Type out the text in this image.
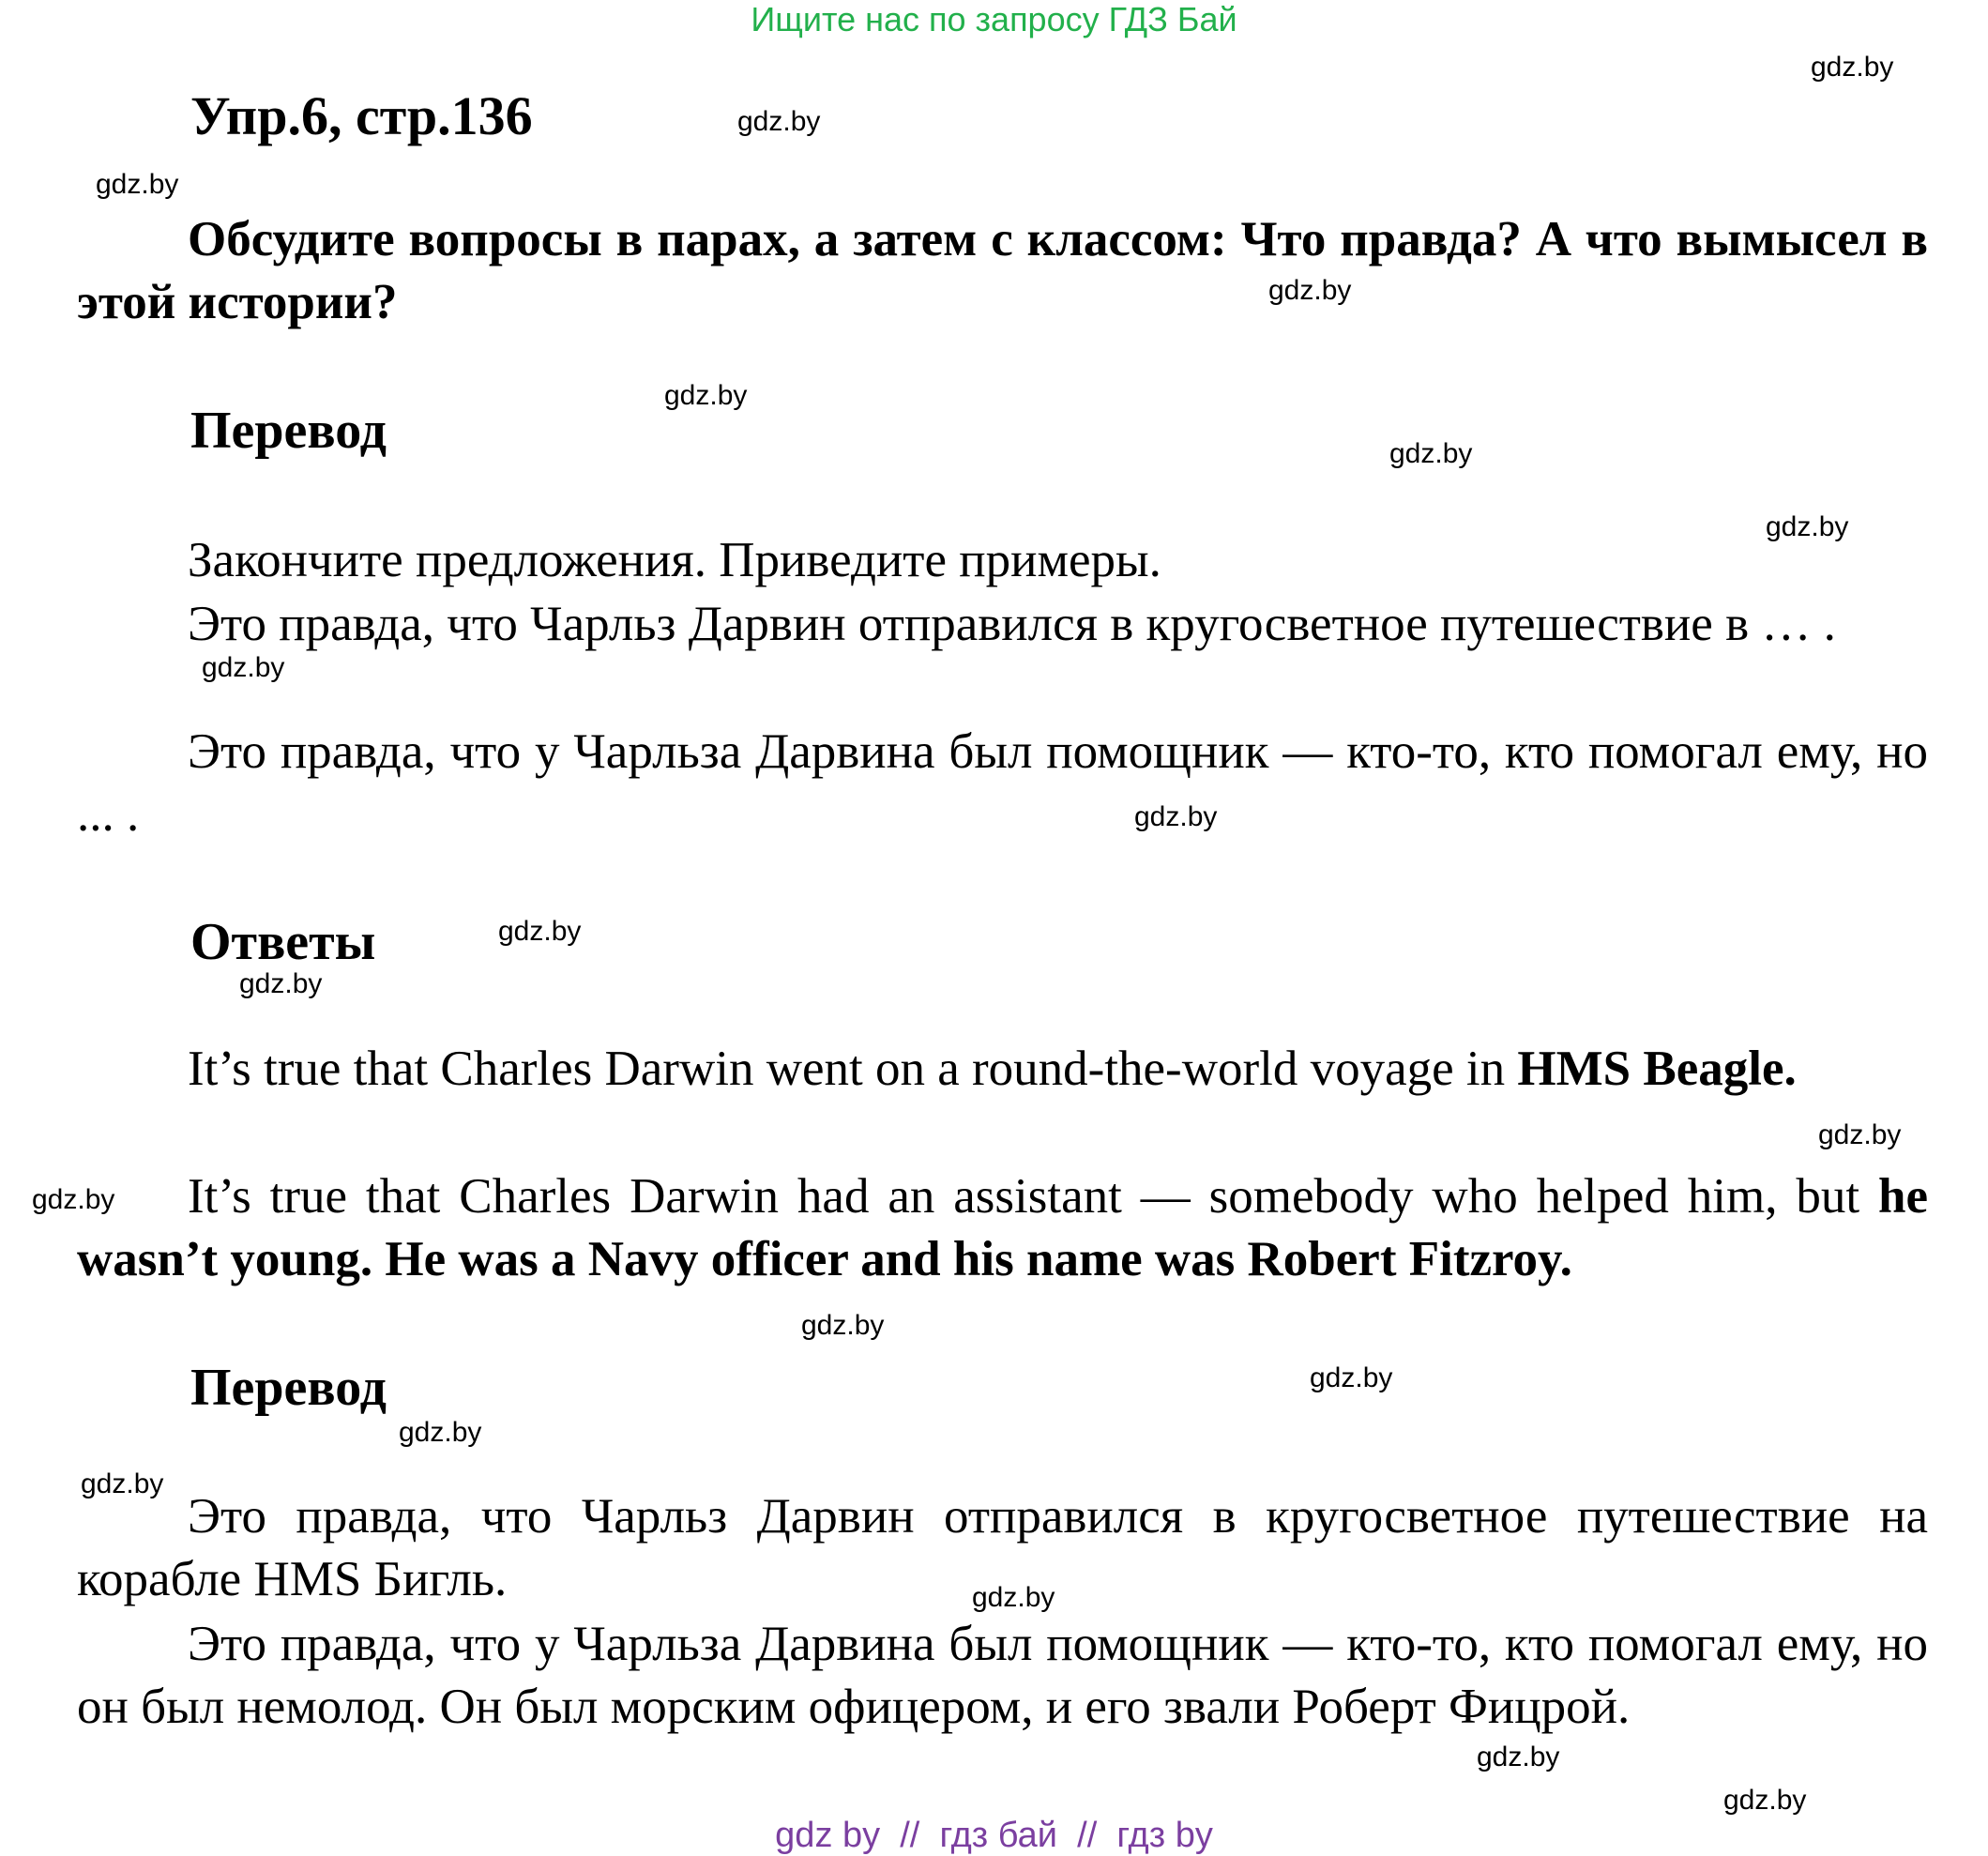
Ищите нас по запросу ГДЗ Бай
Упр.6, стр.136
Обсудите вопросы в парах, а затем с классом: Что правда? А что вымысел в этой истории?
Перевод
Закончите предложения. Приведите примеры.
Это правда, что Чарльз Дарвин отправился в кругосветное путешествие в … .
Это правда, что у Чарльза Дарвина был помощник — кто-то, кто помогал ему, но ... .
Ответы
It’s true that Charles Darwin went on a round-the-world voyage in HMS Beagle.
It’s true that Charles Darwin had an assistant — somebody who helped him, but he wasn’t young. He was a Navy officer and his name was Robert Fitzroy.
Перевод
Это правда, что Чарльз Дарвин отправился в кругосветное путешествие на корабле HMS Бигль.
Это правда, что у Чарльза Дарвина был помощник — кто-то, кто помогал ему, но он был немолод. Он был морским офицером, и его звали Роберт Фицрой.
gdz.by
gdz.by
gdz.by
gdz.by
gdz.by
gdz.by
gdz.by
gdz.by
gdz.by
gdz.by
gdz.by
gdz.by
gdz.by
gdz.by
gdz.by
gdz.by
gdz.by
gdz.by
gdz.by
gdz.by
gdz by  //  гдз бай  //  гдз by
